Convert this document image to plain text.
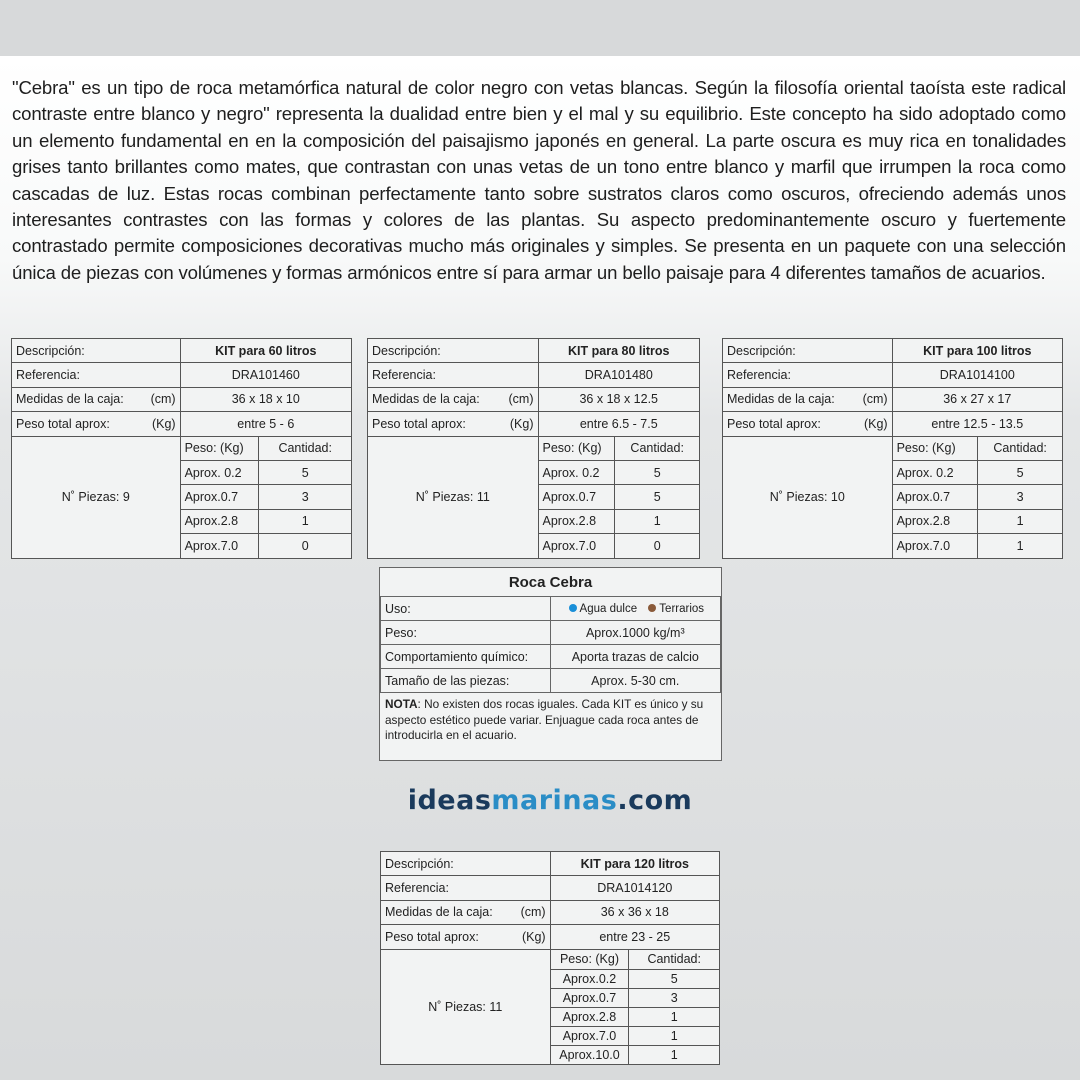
"Cebra" es un tipo de roca metamórfica natural de color negro con vetas blancas. Según la filosofía oriental taoísta este radical contraste entre blanco y negro" representa la dualidad entre bien y el mal y su equilibrio. Este concepto ha sido adoptado como un elemento fundamental en en la composición del paisajismo japonés en general. La parte oscura es muy rica en tonalidades grises tanto brillantes como mates, que contrastan con unas vetas de un tono entre blanco y marfil que irrumpen la roca como cascadas de luz. Estas rocas combinan perfectamente tanto sobre sustratos claros como oscuros, ofreciendo además unos interesantes contrastes con las formas y colores de las plantas. Su aspecto predominantemente oscuro y fuertemente contrastado permite composiciones decorativas mucho más originales y simples. Se presenta en un paquete con una selección única de piezas con volúmenes y formas armónicos entre sí para armar un bello paisaje para 4 diferentes tamaños de acuarios.
Descripción:	KIT para 60 litros	
Referencia:	DRA101460	

Medidas de la caja: (cm)	36 x 18 x 10	

Peso total aprox: (Kg)	entre 5 - 6	
N˚ Piezas: 9	Peso: (Kg)	Cantidad:
	Aprox. 0.2	5
	Aprox.0.7	3
	Aprox.2.8	1
	Aprox.7.0	0
Descripción:	KIT para 80 litros	
Referencia:	DRA101480	

Medidas de la caja: (cm)	36 x 18 x 12.5	

Peso total aprox: (Kg)	entre 6.5 - 7.5	
N˚ Piezas: 11	Peso: (Kg)	Cantidad:
	Aprox. 0.2	5
	Aprox.0.7	5
	Aprox.2.8	1
	Aprox.7.0	0
Descripción:	KIT para 100 litros	
Referencia:	DRA1014100	

Medidas de la caja: (cm)	36 x 27 x 17	

Peso total aprox: (Kg)	entre 12.5 - 13.5	
N˚ Piezas: 10	Peso: (Kg)	Cantidad:
	Aprox. 0.2	5
	Aprox.0.7	3
	Aprox.2.8	1
	Aprox.7.0	1
Roca Cebra	
Uso:	Agua dulce Terrarios
Peso:	Aprox.1000 kg/m³
Comportamiento químico:	Aporta trazas de calcio
Tamaño de las piezas:	Aprox. 5-30 cm.
NOTA: No existen dos rocas iguales. Cada KIT es único y su aspecto estético puede variar. Enjuague cada roca antes de introducirla en el acuario.
ideasmarinas.com
Descripción:	KIT para 120 litros	
Referencia:	DRA1014120	

Medidas de la caja: (cm)	36 x 36 x 18	

Peso total aprox: (Kg)	entre 23 - 25	
N˚ Piezas: 11	Peso: (Kg)	Cantidad:
	Aprox.0.2	5
	Aprox.0.7	3
	Aprox.2.8	1
	Aprox.7.0	1
	Aprox.10.0	1
